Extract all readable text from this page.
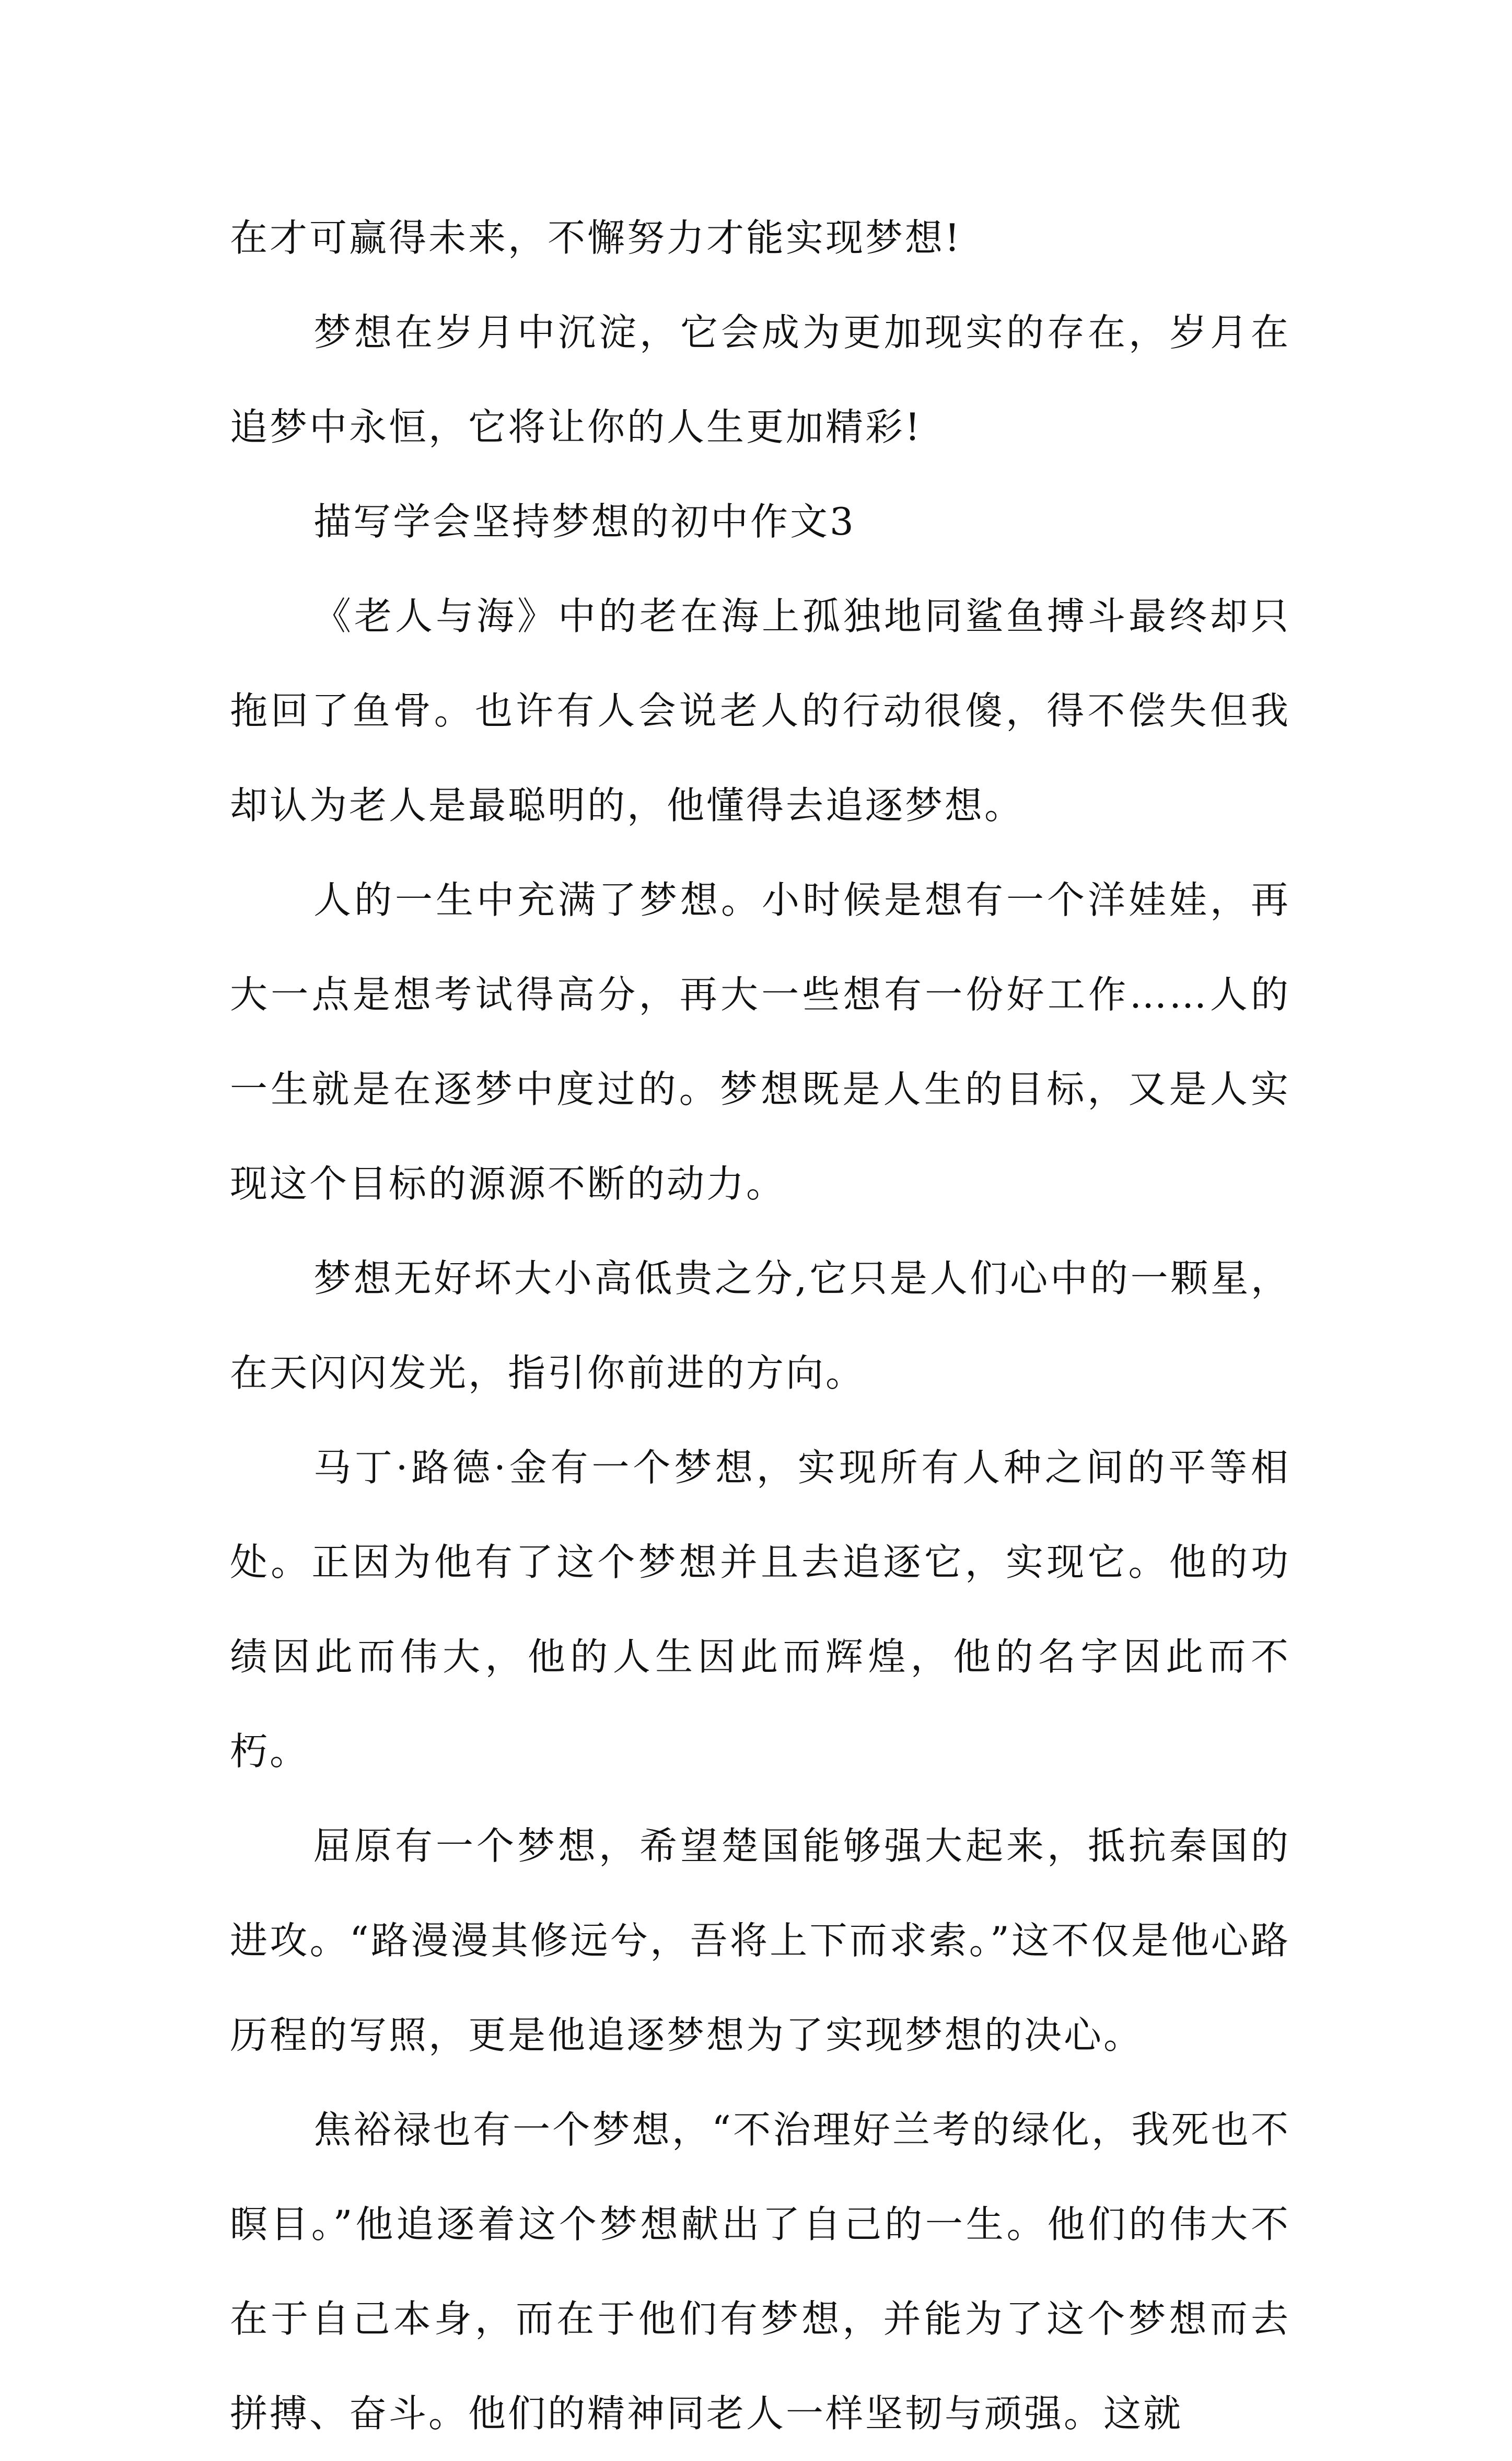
在才可赢得未来，不懈努力才能实现梦想!

梦想在岁月中沉淀，它会成为更加现实的存在，岁月在追梦中永恒，它将让你的人生更加精彩!

描写学会坚持梦想的初中作文3

《老人与海》中的老在海上孤独地同鲨鱼搏斗最终却只拖回了鱼骨。也许有人会说老人的行动很傻，得不偿失但我却认为老人是最聪明的，他懂得去追逐梦想。

人的一生中充满了梦想。小时候是想有一个洋娃娃，再大一点是想考试得高分，再大一些想有一份好工作……人的一生就是在逐梦中度过的。梦想既是人生的目标，又是人实现这个目标的源源不断的动力。

梦想无好坏大小高低贵之分,它只是人们心中的一颗星，在天闪闪发光，指引你前进的方向。

马丁·路德·金有一个梦想，实现所有人种之间的平等相处。正因为他有了这个梦想并且去追逐它，实现它。他的功绩因此而伟大，他的人生因此而辉煌，他的名字因此而不朽。

屈原有一个梦想，希望楚国能够强大起来，抵抗秦国的进攻。“路漫漫其修远兮，吾将上下而求索。”这不仅是他心路历程的写照，更是他追逐梦想为了实现梦想的决心。

焦裕禄也有一个梦想，“不治理好兰考的绿化，我死也不瞑目。”他追逐着这个梦想献出了自己的一生。他们的伟大不在于自己本身，而在于他们有梦想，并能为了这个梦想而去拼搏、奋斗。他们的精神同老人一样坚韧与顽强。这就
